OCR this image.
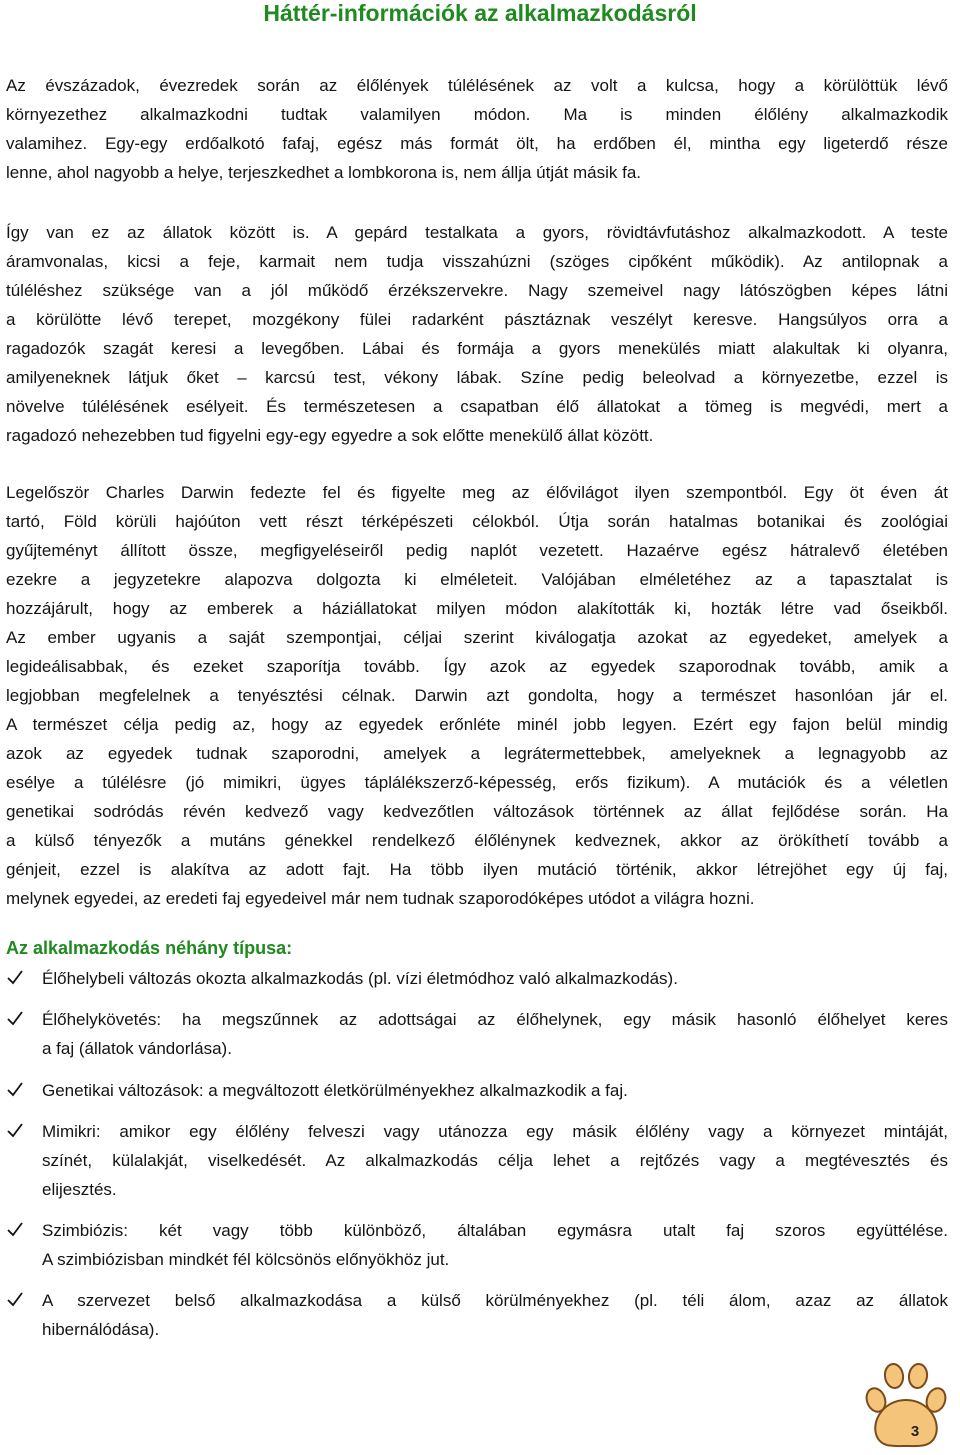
Háttér-információk az alkalmazkodásról

Az évszázadok, évezredek során az élőlények túlélésének az volt a kulcsa, hogy a körülöttük lévő

környezethez alkalmazkodni tudtak valamilyen módon. Ma is minden élőlény alkalmazkodik

valamihez. Egy-egy erdőalkotó fafaj, egész más formát ölt, ha erdőben él, mintha egy ligeterdő része

lenne, ahol nagyobb a helye, terjeszkedhet a lombkorona is, nem állja útját másik fa.

Így van ez az állatok között is. A gepárd testalkata a gyors, rövidtávfutáshoz alkalmazkodott. A teste

áramvonalas, kicsi a feje, karmait nem tudja visszahúzni (szöges cipőként működik). Az antilopnak a

túléléshez szüksége van a jól működő érzékszervekre. Nagy szemeivel nagy látószögben képes látni

a körülötte lévő terepet, mozgékony fülei radarként pásztáznak veszélyt keresve. Hangsúlyos orra a

ragadozók szagát keresi a levegőben. Lábai és formája a gyors menekülés miatt alakultak ki olyanra,

amilyeneknek látjuk őket – karcsú test, vékony lábak. Színe pedig beleolvad a környezetbe, ezzel is

növelve túlélésének esélyeit. És természetesen a csapatban élő állatokat a tömeg is megvédi, mert a

ragadozó nehezebben tud figyelni egy-egy egyedre a sok előtte menekülő állat között.

Legelőször Charles Darwin fedezte fel és figyelte meg az élővilágot ilyen szempontból. Egy öt éven át

tartó, Föld körüli hajóúton vett részt térképészeti célokból. Útja során hatalmas botanikai és zoológiai

gyűjteményt állított össze, megfigyeléseiről pedig naplót vezetett. Hazaérve egész hátralevő életében

ezekre a jegyzetekre alapozva dolgozta ki elméleteit. Valójában elméletéhez az a tapasztalat is

hozzájárult, hogy az emberek a háziállatokat milyen módon alakították ki, hozták létre vad őseikből.

Az ember ugyanis a saját szempontjai, céljai szerint kiválogatja azokat az egyedeket, amelyek a

legideálisabbak, és ezeket szaporítja tovább. Így azok az egyedek szaporodnak tovább, amik a

legjobban megfelelnek a tenyésztési célnak. Darwin azt gondolta, hogy a természet hasonlóan jár el.

A természet célja pedig az, hogy az egyedek erőnléte minél jobb legyen. Ezért egy fajon belül mindig

azok az egyedek tudnak szaporodni, amelyek a legrátermettebbek, amelyeknek a legnagyobb az

esélye a túlélésre (jó mimikri, ügyes táplálékszerző-képesség, erős fizikum). A mutációk és a véletlen

genetikai sodródás révén kedvező vagy kedvezőtlen változások történnek az állat fejlődése során. Ha

a külső tényezők a mutáns génekkel rendelkező élőlénynek kedveznek, akkor az örökíthetí tovább a

génjeit, ezzel is alakítva az adott fajt. Ha több ilyen mutáció történik, akkor létrejöhet egy új faj,

melynek egyedei, az eredeti faj egyedeivel már nem tudnak szaporodóképes utódot a világra hozni.

Az alkalmazkodás néhány típusa:

Élőhelybeli változás okozta alkalmazkodás (pl. vízi életmódhoz való alkalmazkodás).

Élőhelykövetés: ha megszűnnek az adottságai az élőhelynek, egy másik hasonló élőhelyet keres

a faj (állatok vándorlása).

Genetikai változások: a megváltozott életkörülményekhez alkalmazkodik a faj.

Mimikri: amikor egy élőlény felveszi vagy utánozza egy másik élőlény vagy a környezet mintáját,

színét, külalakját, viselkedését. Az alkalmazkodás célja lehet a rejtőzés vagy a megtévesztés és

elijesztés.

Szimbiózis: két vagy több különböző, általában egymásra utalt faj szoros együttélése.

A szimbiózisban mindkét fél kölcsönös előnyökhöz jut.

A szervezet belső alkalmazkodása a külső körülményekhez (pl. téli álom, azaz az állatok

hibernálódása).

3
